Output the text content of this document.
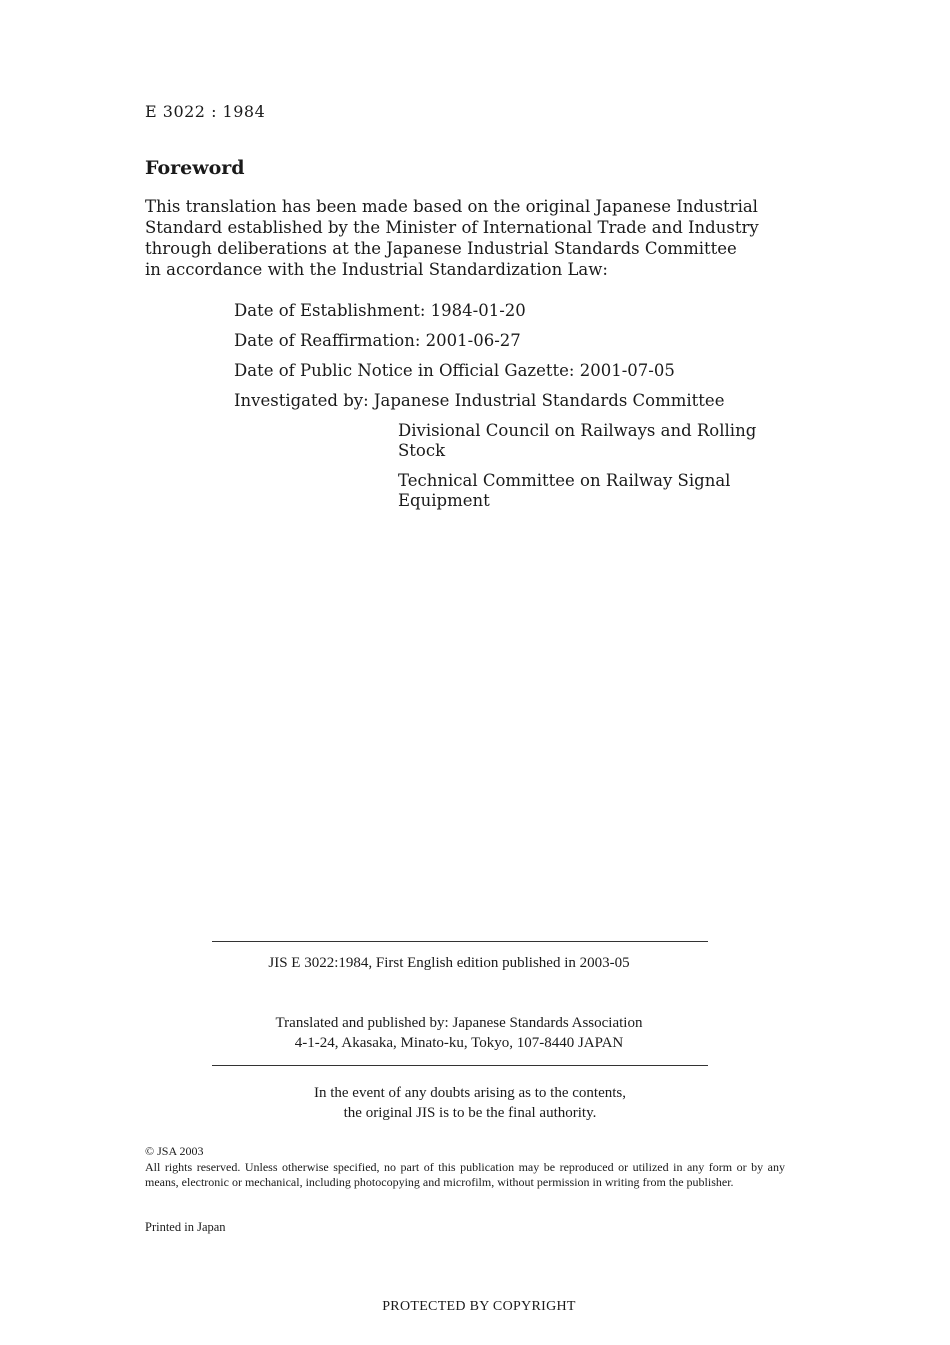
E 3022 : 1984
Foreword
This translation has been made based on the original Japanese Industrial
Standard established by the Minister of International Trade and Industry
through deliberations at the Japanese Industrial Standards Committee
in accordance with the Industrial Standardization Law:
Date of Establishment: 1984-01-20
Date of Reaffirmation: 2001-06-27
Date of Public Notice in Official Gazette: 2001-07-05
Investigated by: Japanese Industrial Standards Committee
Divisional Council on Railways and Rolling Stock
Technical Committee on Railway Signal Equipment
JIS E 3022:1984, First English edition published in 2003-05
Translated and published by: Japanese Standards Association
4-1-24, Akasaka, Minato-ku, Tokyo, 107-8440 JAPAN
In the event of any doubts arising as to the contents,
the original JIS is to be the final authority.
© JSA 2003
All rights reserved. Unless otherwise specified, no part of this publication may be reproduced or utilized in any form or by any means, electronic or mechanical, including photocopying and microfilm, without permission in writing from the publisher.
Printed in Japan
PROTECTED BY COPYRIGHT
